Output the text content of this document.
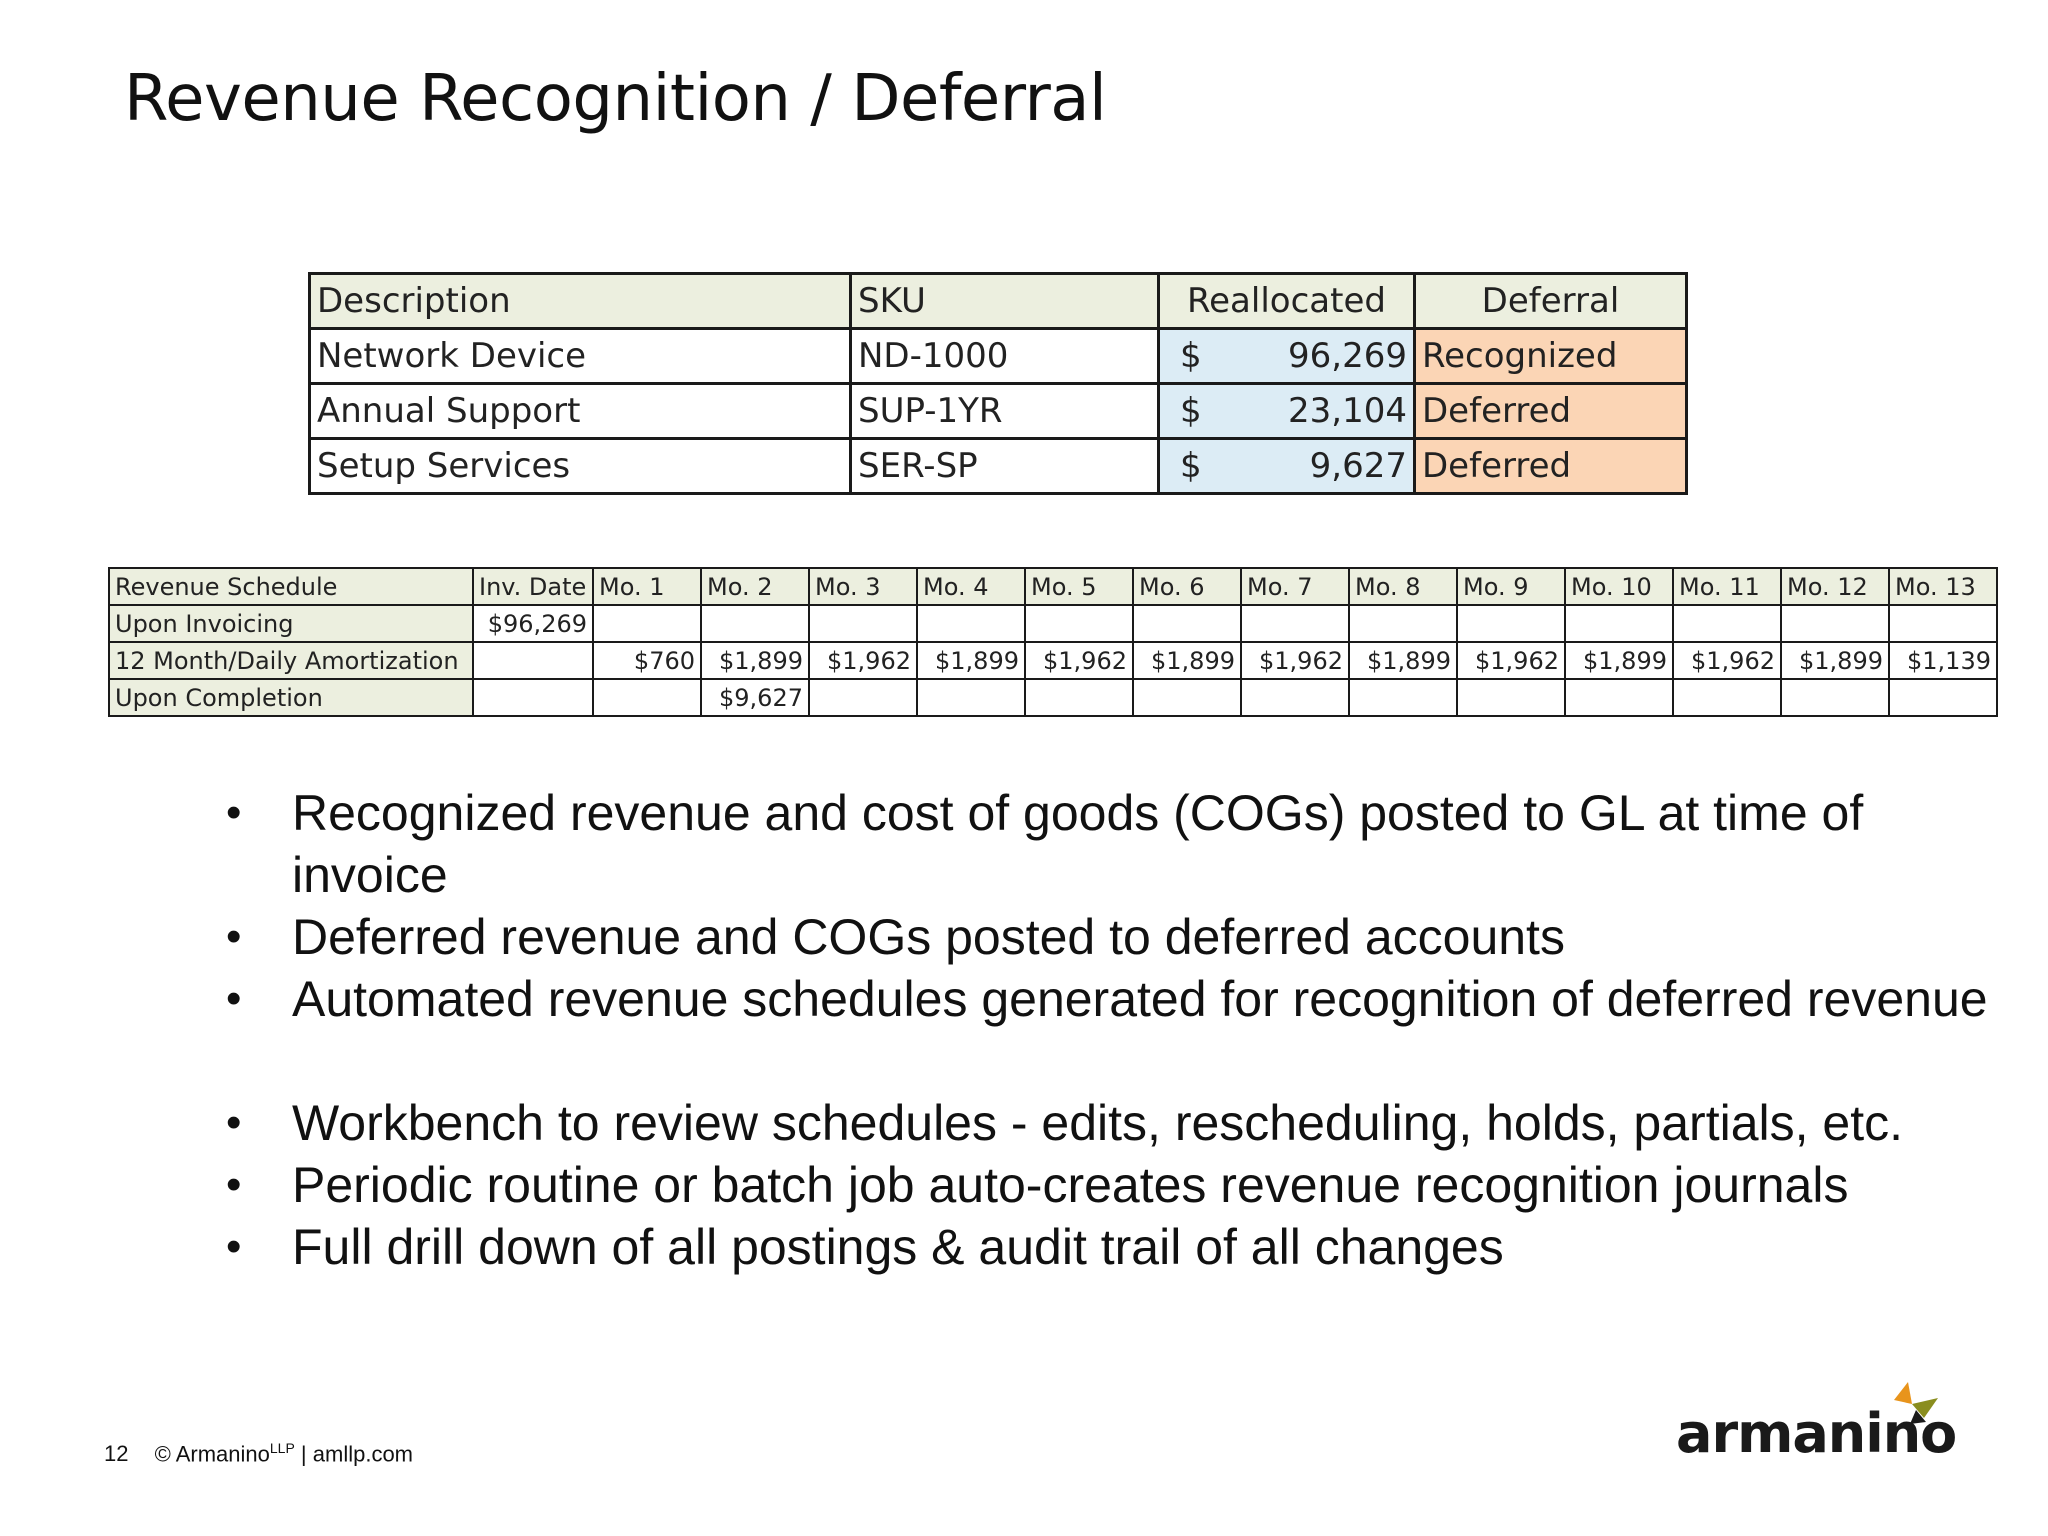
Revenue Recognition / Deferral
Description	SKU	Reallocated	Deferral
Network Device	ND-1000	$ 96,269	Recognized
Annual Support	SUP-1YR	$ 23,104	Deferred
Setup Services	SER-SP	$ 9,627	Deferred
Revenue Schedule	Inv. Date	Mo. 1	Mo. 2	Mo. 3	Mo. 4	Mo. 5	Mo. 6	Mo. 7	Mo. 8	Mo. 9	Mo. 10	Mo. 11	Mo. 12	Mo. 13
Upon Invoicing	$96,269													
12 Month/Daily Amortization		$760	$1,899	$1,962	$1,899	$1,962	$1,899	$1,962	$1,899	$1,962	$1,899	$1,962	$1,899	$1,139
Upon Completion			$9,627											
• Recognized revenue and cost of goods (COGs) posted to GL at time of invoice
• Deferred revenue and COGs posted to deferred accounts
• Automated revenue schedules generated for recognition of deferred revenue
• Workbench to review schedules - edits, rescheduling, holds, partials, etc.
• Periodic routine or batch job auto-creates revenue recognition journals
• Full drill down of all postings & audit trail of all changes
12 © Armanino$^{LLP}$ | amllp.com	armanino
